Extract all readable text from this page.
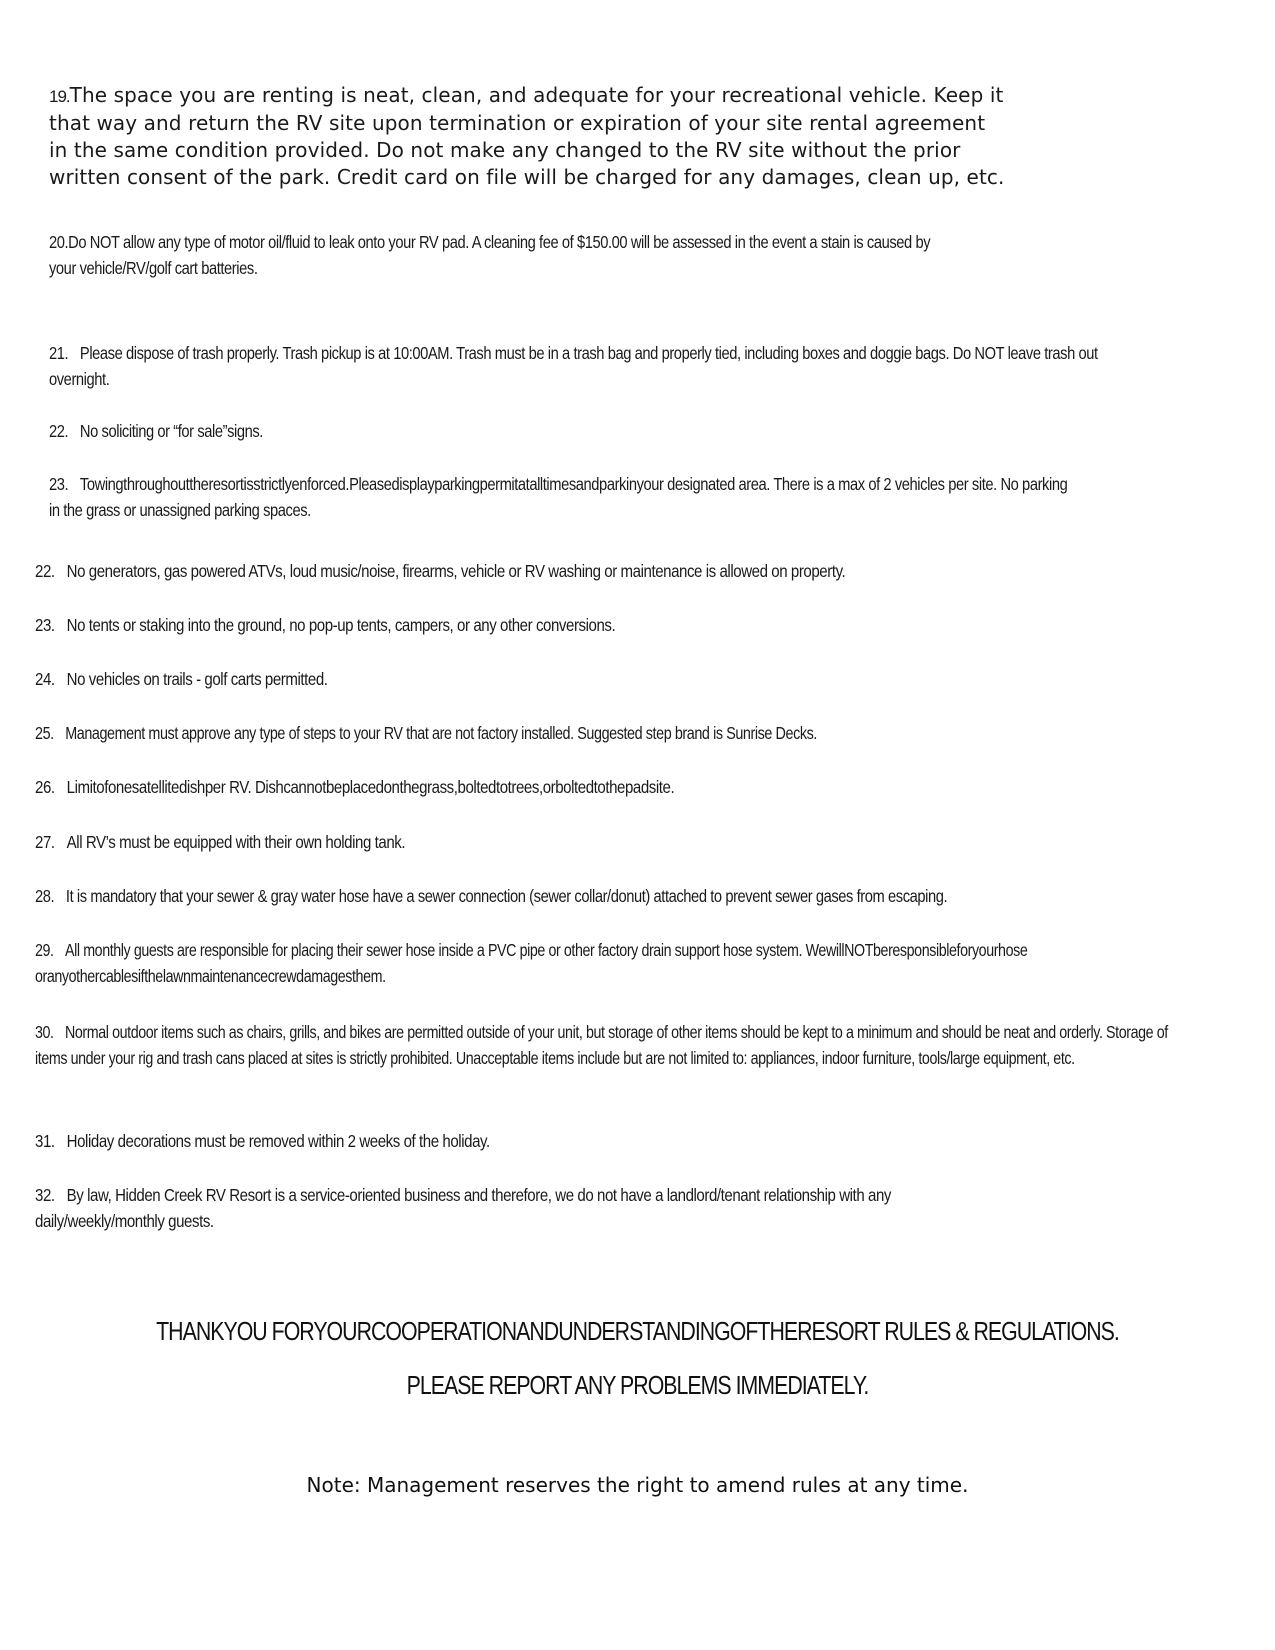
19.The space you are renting is neat, clean, and adequate for your recreational vehicle. Keep it that way and return the RV site upon termination or expiration of your site rental agreement in the same condition provided. Do not make any changed to the RV site without the prior written consent of the park. Credit card on file will be charged for any damages, clean up, etc.

20.Do NOT allow any type of motor oil/fluid to leak onto your RV pad. A cleaning fee of $150.00 will be assessed in the event a stain is caused by your vehicle/RV/golf cart batteries.

21. Please dispose of trash properly. Trash pickup is at 10:00AM. Trash must be in a trash bag and properly tied, including boxes and doggie bags. Do NOT leave trash out overnight.

22. No soliciting or “for sale”signs.

23. Towingthroughouttheresortisstrictlyenforced.Pleasedisplayparkingpermitatalltimesandparkinyour designated area. There is a max of 2 vehicles per site. No parking in the grass or unassigned parking spaces.

22. No generators, gas powered ATVs, loud music/noise, firearms, vehicle or RV washing or maintenance is allowed on property.

23. No tents or staking into the ground, no pop-up tents, campers, or any other conversions.

24. No vehicles on trails - golf carts permitted.

25. Management must approve any type of steps to your RV that are not factory installed. Suggested step brand is Sunrise Decks.

26. Limitofonesatellitedishper RV. Dishcannotbeplacedonthegrass,boltedtotrees,orboltedtothepadsite.

27. All RV’s must be equipped with their own holding tank.

28. It is mandatory that your sewer & gray water hose have a sewer connection (sewer collar/donut) attached to prevent sewer gases from escaping.

29. All monthly guests are responsible for placing their sewer hose inside a PVC pipe or other factory drain support hose system. WewillNOTberesponsibleforyourhose oranyothercablesifthelawnmaintenancecrewdamagesthem.

30. Normal outdoor items such as chairs, grills, and bikes are permitted outside of your unit, but storage of other items should be kept to a minimum and should be neat and orderly. Storage of items under your rig and trash cans placed at sites is strictly prohibited. Unacceptable items include but are not limited to: appliances, indoor furniture, tools/large equipment, etc.

31. Holiday decorations must be removed within 2 weeks of the holiday.

32. By law, Hidden Creek RV Resort is a service-oriented business and therefore, we do not have a landlord/tenant relationship with any daily/weekly/monthly guests.

THANKYOU FORYOURCOOPERATIONANDUNDERSTANDINGOFTHERESORT RULES & REGULATIONS.
PLEASE REPORT ANY PROBLEMS IMMEDIATELY.
Note: Management reserves the right to amend rules at any time.
